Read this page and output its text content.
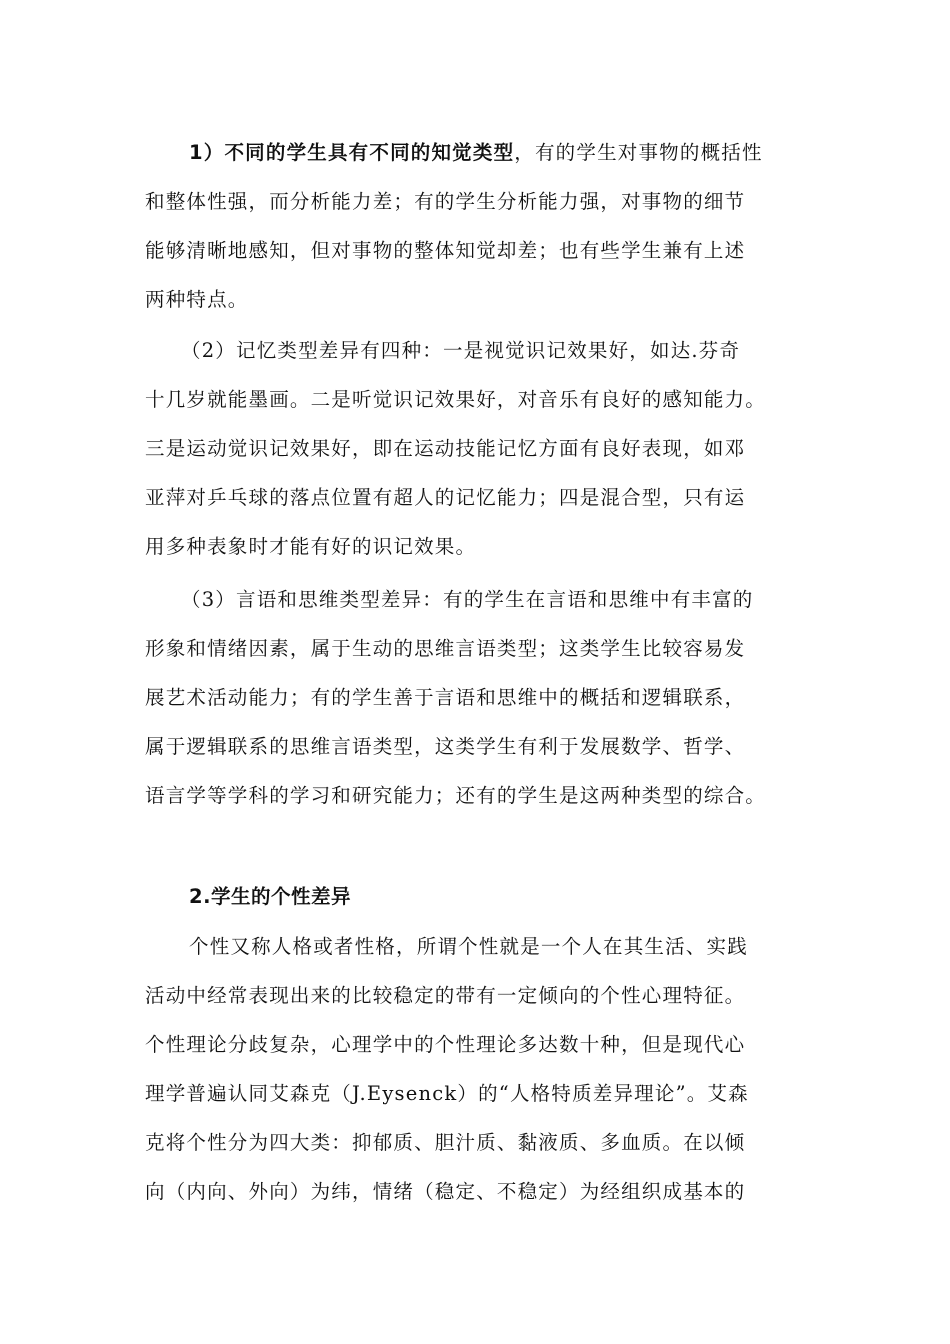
1）不同的学生具有不同的知觉类型，有的学生对事物的概括性
和整体性强，而分析能力差；有的学生分析能力强，对事物的细节
能够清晰地感知，但对事物的整体知觉却差；也有些学生兼有上述
两种特点。
（2）记忆类型差异有四种：一是视觉识记效果好，如达.芬奇
十几岁就能墨画。二是听觉识记效果好，对音乐有良好的感知能力。
三是运动觉识记效果好，即在运动技能记忆方面有良好表现，如邓
亚萍对乒乓球的落点位置有超人的记忆能力；四是混合型，只有运
用多种表象时才能有好的识记效果。
（3）言语和思维类型差异：有的学生在言语和思维中有丰富的
形象和情绪因素，属于生动的思维言语类型；这类学生比较容易发
展艺术活动能力；有的学生善于言语和思维中的概括和逻辑联系，
属于逻辑联系的思维言语类型，这类学生有利于发展数学、哲学、
语言学等学科的学习和研究能力；还有的学生是这两种类型的综合。
2.学生的个性差异
个性又称人格或者性格，所谓个性就是一个人在其生活、实践
活动中经常表现出来的比较稳定的带有一定倾向的个性心理特征。
个性理论分歧复杂，心理学中的个性理论多达数十种，但是现代心
理学普遍认同艾森克（J.Eysenck）的“人格特质差异理论”。艾森
克将个性分为四大类：抑郁质、胆汁质、黏液质、多血质。在以倾
向（内向、外向）为纬，情绪（稳定、不稳定）为经组织成基本的
